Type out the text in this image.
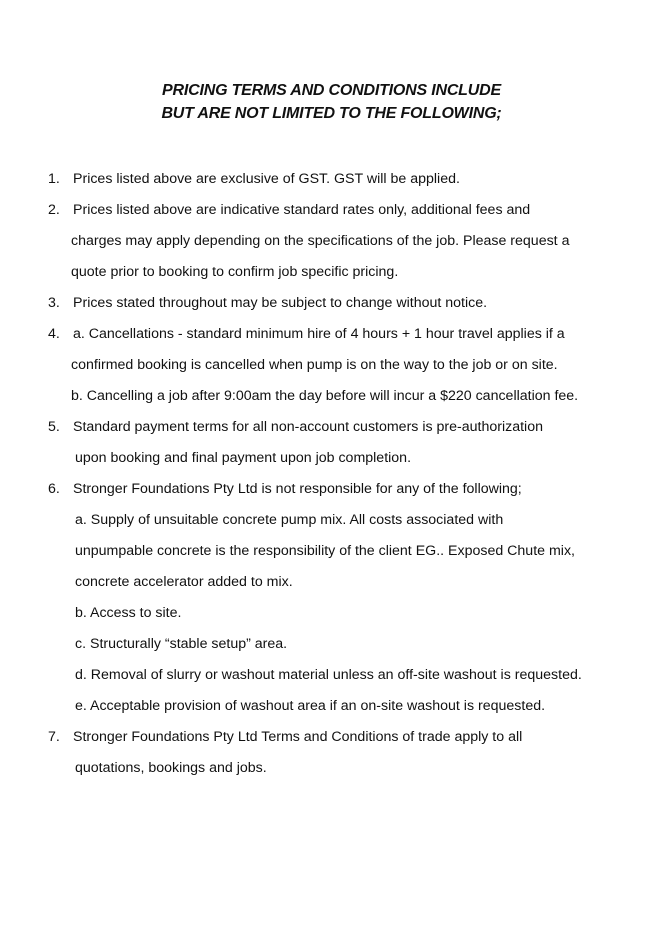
PRICING TERMS AND CONDITIONS INCLUDE
BUT ARE NOT LIMITED TO THE FOLLOWING;
1. Prices listed above are exclusive of GST. GST will be applied.
2. Prices listed above are indicative standard rates only, additional fees and
charges may apply depending on the specifications of the job. Please request a
quote prior to booking to confirm job specific pricing.
3. Prices stated throughout may be subject to change without notice.
4. a. Cancellations - standard minimum hire of 4 hours + 1 hour travel applies if a
confirmed booking is cancelled when pump is on the way to the job or on site.
b. Cancelling a job after 9:00am the day before will incur a $220 cancellation fee.
5. Standard payment terms for all non-account customers is pre-authorization
upon booking and final payment upon job completion.
6. Stronger Foundations Pty Ltd is not responsible for any of the following;
a. Supply of unsuitable concrete pump mix. All costs associated with
unpumpable concrete is the responsibility of the client EG.. Exposed Chute mix,
concrete accelerator added to mix.
b. Access to site.
c. Structurally “stable setup” area.
d. Removal of slurry or washout material unless an off-site washout is requested.
e. Acceptable provision of washout area if an on-site washout is requested.
7. Stronger Foundations Pty Ltd Terms and Conditions of trade apply to all
quotations, bookings and jobs.
